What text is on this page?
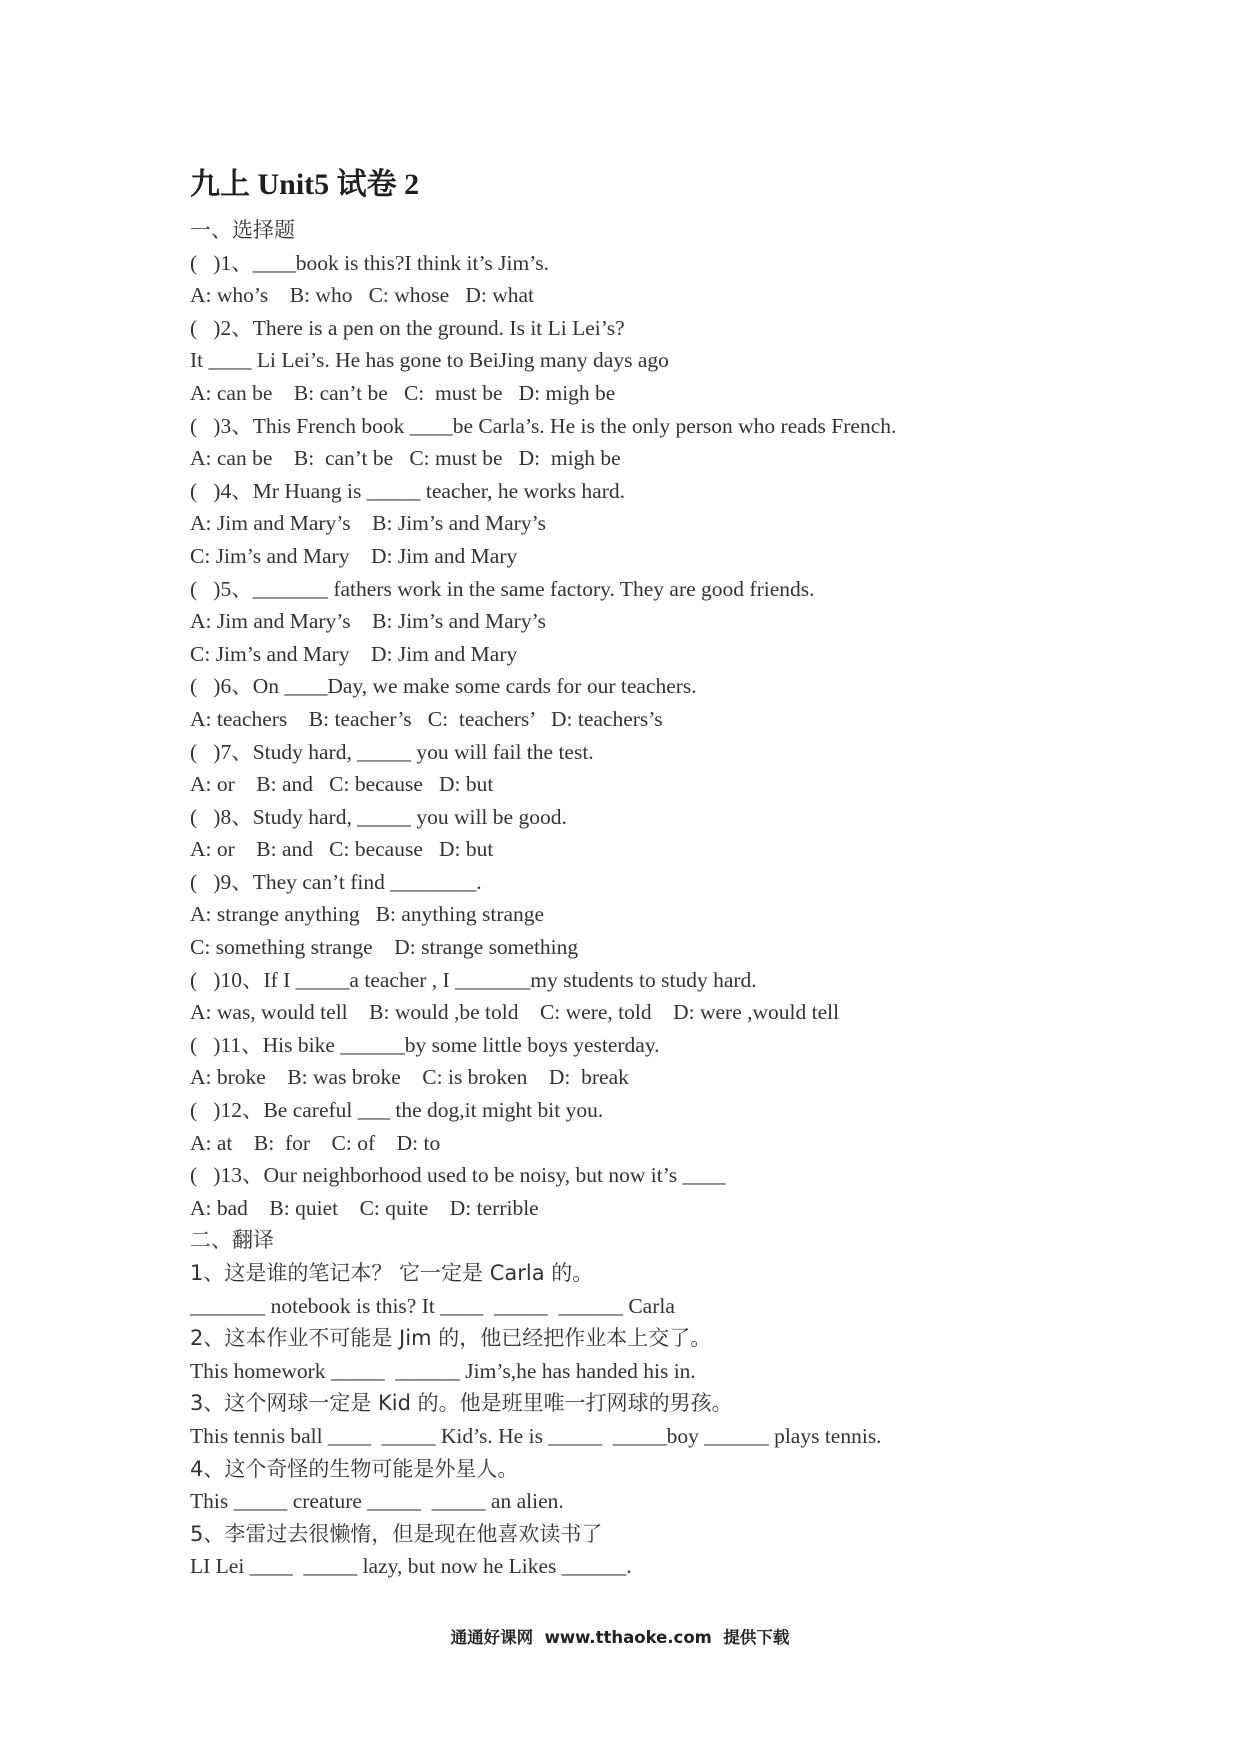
九上 Unit5 试卷 2
一、选择题
(   )1、____book is this?I think it’s Jim’s.
A: who’s    B: who   C: whose   D: what
(   )2、There is a pen on the ground. Is it Li Lei’s?
It ____ Li Lei’s. He has gone to BeiJing many days ago
A: can be    B: can’t be   C:  must be   D: migh be
(   )3、This French book ____be Carla’s. He is the only person who reads French.
A: can be    B:  can’t be   C: must be   D:  migh be
(   )4、Mr Huang is _____ teacher, he works hard.
A: Jim and Mary’s    B: Jim’s and Mary’s
C: Jim’s and Mary    D: Jim and Mary
(   )5、_______ fathers work in the same factory. They are good friends.
A: Jim and Mary’s    B: Jim’s and Mary’s
C: Jim’s and Mary    D: Jim and Mary
(   )6、On ____Day, we make some cards for our teachers.
A: teachers    B: teacher’s   C:  teachers’   D: teachers’s
(   )7、Study hard, _____ you will fail the test.
A: or    B: and   C: because   D: but
(   )8、Study hard, _____ you will be good.
A: or    B: and   C: because   D: but
(   )9、They can’t find ________.
A: strange anything   B: anything strange
C: something strange    D: strange something
(   )10、If I _____a teacher , I _______my students to study hard.
A: was, would tell    B: would ,be told    C: were, told    D: were ,would tell
(   )11、His bike ______by some little boys yesterday.
A: broke    B: was broke    C: is broken    D:  break
(   )12、Be careful ___ the dog,it might bit you.
A: at    B:  for    C: of    D: to
(   )13、Our neighborhood used to be noisy, but now it’s ____
A: bad    B: quiet    C: quite    D: terrible
二、翻译
1、这是谁的笔记本？ 它一定是 Carla 的。
_______ notebook is this? It ____  _____  ______ Carla
2、这本作业不可能是 Jim 的，他已经把作业本上交了。
This homework _____  ______ Jim’s,he has handed his in.
3、这个网球一定是 Kid 的。他是班里唯一打网球的男孩。
This tennis ball ____  _____ Kid’s. He is _____  _____boy ______ plays tennis.
4、这个奇怪的生物可能是外星人。
This _____ creature _____  _____ an alien.
5、李雷过去很懒惰，但是现在他喜欢读书了
LI Lei ____  _____ lazy, but now he Likes ______.
通通好课网  www.tthaoke.com  提供下载
